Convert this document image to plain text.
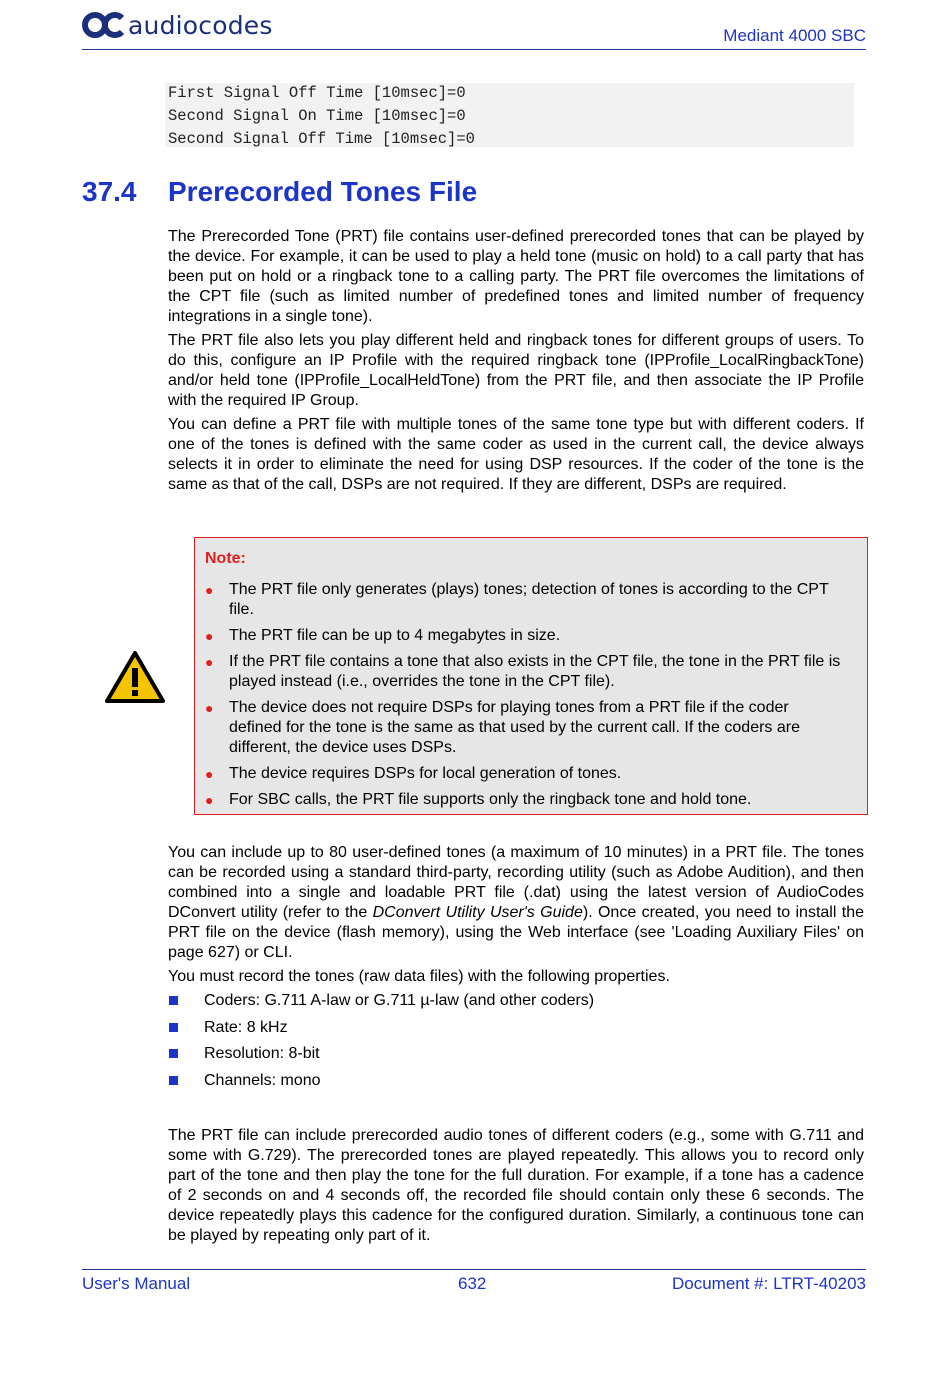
audiocodes	Mediant 4000 SBC
First Signal Off Time [10msec]=0
Second Signal On Time [10msec]=0
Second Signal Off Time [10msec]=0
37.4 Prerecorded Tones File
The Prerecorded Tone (PRT) file contains user-defined prerecorded tones that can be played by the device. For example, it can be used to play a held tone (music on hold) to a call party that has been put on hold or a ringback tone to a calling party. The PRT file overcomes the limitations of the CPT file (such as limited number of predefined tones and limited number of frequency integrations in a single tone).
The PRT file also lets you play different held and ringback tones for different groups of users. To do this, configure an IP Profile with the required ringback tone (IPProfile_LocalRingbackTone) and/or held tone (IPProfile_LocalHeldTone) from the PRT file, and then associate the IP Profile with the required IP Group.
You can define a PRT file with multiple tones of the same tone type but with different coders. If one of the tones is defined with the same coder as used in the current call, the device always selects it in order to eliminate the need for using DSP resources. If the coder of the tone is the same as that of the call, DSPs are not required. If they are different, DSPs are required.
Note:
● The PRT file only generates (plays) tones; detection of tones is according to the CPT file.
● The PRT file can be up to 4 megabytes in size.
● If the PRT file contains a tone that also exists in the CPT file, the tone in the PRT file is played instead (i.e., overrides the tone in the CPT file).
● The device does not require DSPs for playing tones from a PRT file if the coder defined for the tone is the same as that used by the current call. If the coders are different, the device uses DSPs.
● The device requires DSPs for local generation of tones.
● For SBC calls, the PRT file supports only the ringback tone and hold tone.
You can include up to 80 user-defined tones (a maximum of 10 minutes) in a PRT file. The tones can be recorded using a standard third-party, recording utility (such as Adobe Audition), and then combined into a single and loadable PRT file (.dat) using the latest version of AudioCodes DConvert utility (refer to the DConvert Utility User's Guide). Once created, you need to install the PRT file on the device (flash memory), using the Web interface (see 'Loading Auxiliary Files' on page 627) or CLI.
You must record the tones (raw data files) with the following properties.
Coders: G.711 A-law or G.711 µ-law (and other coders)
Rate: 8 kHz
Resolution: 8-bit
Channels: mono
The PRT file can include prerecorded audio tones of different coders (e.g., some with G.711 and some with G.729). The prerecorded tones are played repeatedly. This allows you to record only part of the tone and then play the tone for the full duration. For example, if a tone has a cadence of 2 seconds on and 4 seconds off, the recorded file should contain only these 6 seconds. The device repeatedly plays this cadence for the configured duration. Similarly, a continuous tone can be played by repeating only part of it.
User's Manual	632	Document #: LTRT-40203
